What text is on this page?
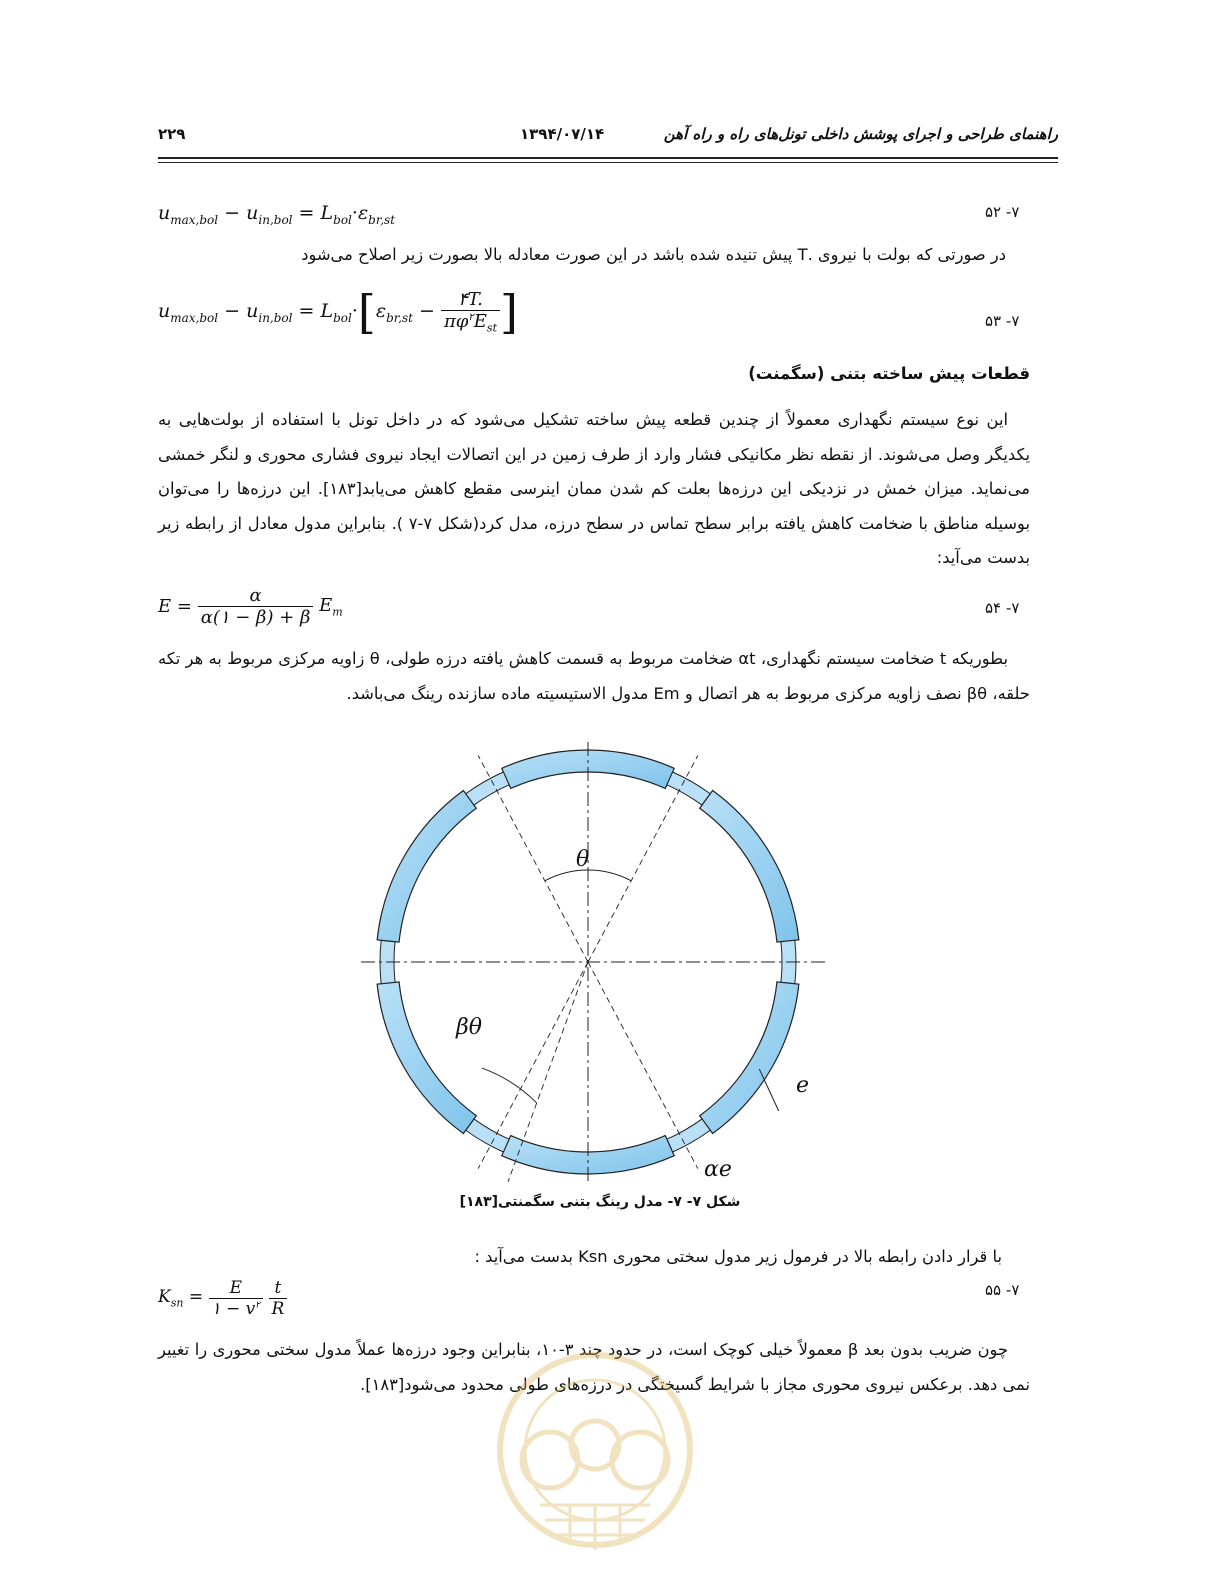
۲۲۹	۱۳۹۴/۰۷/۱۴	راهنمای طراحی و اجرای پوشش داخلی تونل‌های راه و راه آهن
$u_{max,bol} - u_{in,bol} = L_{bol}\cdot\varepsilon_{br,st}$	۷- ۵۲
در صورتی که بولت با نیروی .T پیش تنیده شده باشد در این صورت معادله بالا بصورت زیر اصلاح می‌شود
$u_{max,bol} - u_{in,bol} = L_{bol}\cdot[\varepsilon_{br,st} - \frac{۴T.}{\pi\varphi^۲E_{st}}$ ]	۷- ۵۳
قطعات پیش ساخته بتنی (سگمنت)
این نوع سیستم نگهداری معمولاً از چندین قطعه پیش ساخته تشکیل می‌شود که در داخل تونل با استفاده از بولت‌هایی به یکدیگر وصل می‌شوند. از نقطه نظر مکانیکی فشار وارد از طرف زمین در این اتصالات ایجاد نیروی فشاری محوری و لنگر خمشی می‌نماید. میزان خمش در نزدیکی این درزه‌ها بعلت کم شدن ممان اینرسی مقطع کاهش می‌یابد[۱۸۳]. این درزه‌ها را می‌توان بوسیله مناطق با ضخامت کاهش یافته برابر سطح تماس در سطح درزه، مدل کرد(شکل ۷-۷ ). بنابراین مدول معادل از رابطه زیر بدست می‌آید:
$E = \frac{\alpha}{\alpha(۱ - \beta) + \beta} E_m$	۷- ۵۴
بطوریکه t ضخامت سیستم نگهداری، αt ضخامت مربوط به قسمت کاهش یافته درزه طولی، θ زاویه مرکزی مربوط به هر تکه حلقه، βθ نصف زاویه مرکزی مربوط به هر اتصال و Em مدول الاستیسیته ماده سازنده رینگ می‌باشد.
θ
βθ
e
αe
شکل ۷- ۷- مدل رینگ بتنی سگمنتی[۱۸۳]
با قرار دادن رابطه بالا در فرمول زیر مدول سختی محوری Ksn بدست می‌آید :
$K_{sn} = \frac{E}{۱ - v^۲}$
$\frac{t}{R}$	۷- ۵۵
چون ضریب بدون بعد β معمولاً خیلی کوچک است، در حدود چند ۳-۱۰، بنابراین وجود درزه‌ها عملاً مدول سختی محوری را تغییر نمی دهد. برعکس نیروی محوری مجاز با شرایط گسیختگی در درزه‌های طولی محدود می‌شود[۱۸۳].
